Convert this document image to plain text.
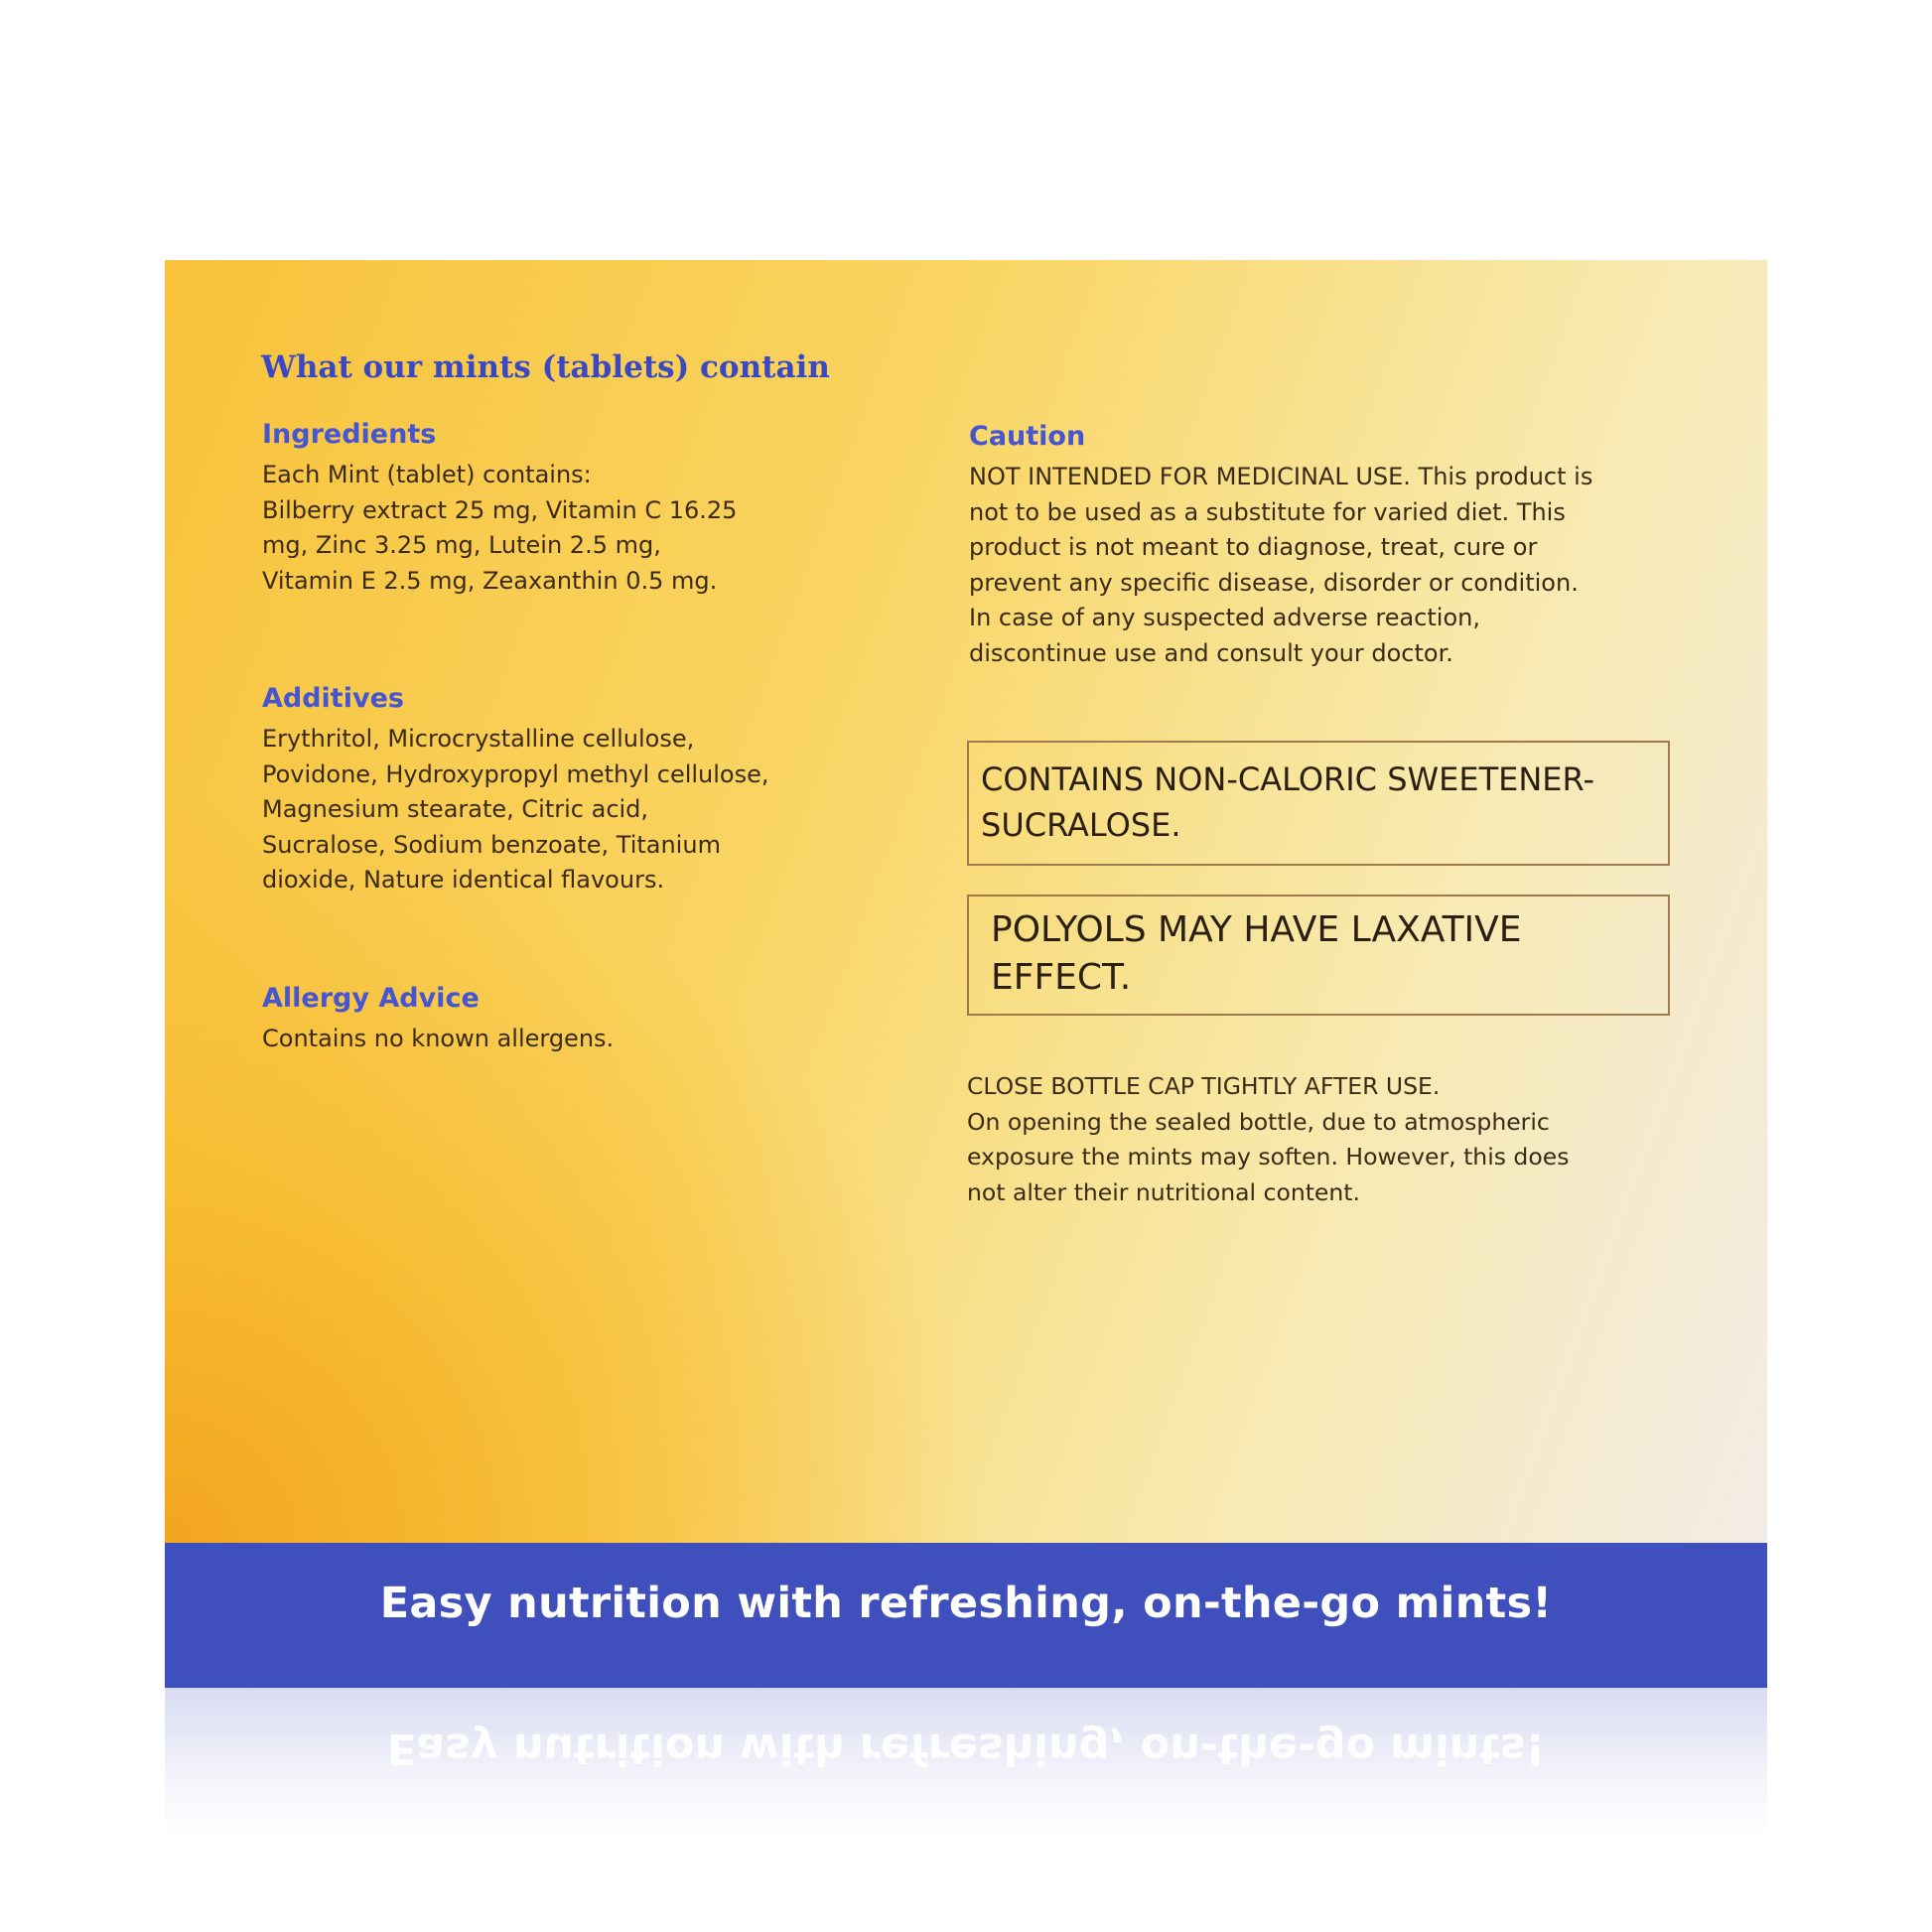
What our mints (tablets) contain
Ingredients
Each Mint (tablet) contains:
Bilberry extract 25 mg, Vitamin C 16.25
mg, Zinc 3.25 mg, Lutein 2.5 mg,
Vitamin E 2.5 mg, Zeaxanthin 0.5 mg.
Additives
Erythritol, Microcrystalline cellulose,
Povidone, Hydroxypropyl methyl cellulose,
Magnesium stearate, Citric acid,
Sucralose, Sodium benzoate, Titanium
dioxide, Nature identical flavours.
Allergy Advice
Contains no known allergens.
Caution
NOT INTENDED FOR MEDICINAL USE. This product is
not to be used as a substitute for varied diet. This
product is not meant to diagnose, treat, cure or
prevent any specific disease, disorder or condition.
In case of any suspected adverse reaction,
discontinue use and consult your doctor.
CONTAINS NON-CALORIC SWEETENER-
SUCRALOSE.
POLYOLS MAY HAVE LAXATIVE
EFFECT.
CLOSE BOTTLE CAP TIGHTLY AFTER USE.
On opening the sealed bottle, due to atmospheric
exposure the mints may soften. However, this does
not alter their nutritional content.
Easy nutrition with refreshing, on-the-go mints!
Easy nutrition with refreshing, on-the-go mints!
